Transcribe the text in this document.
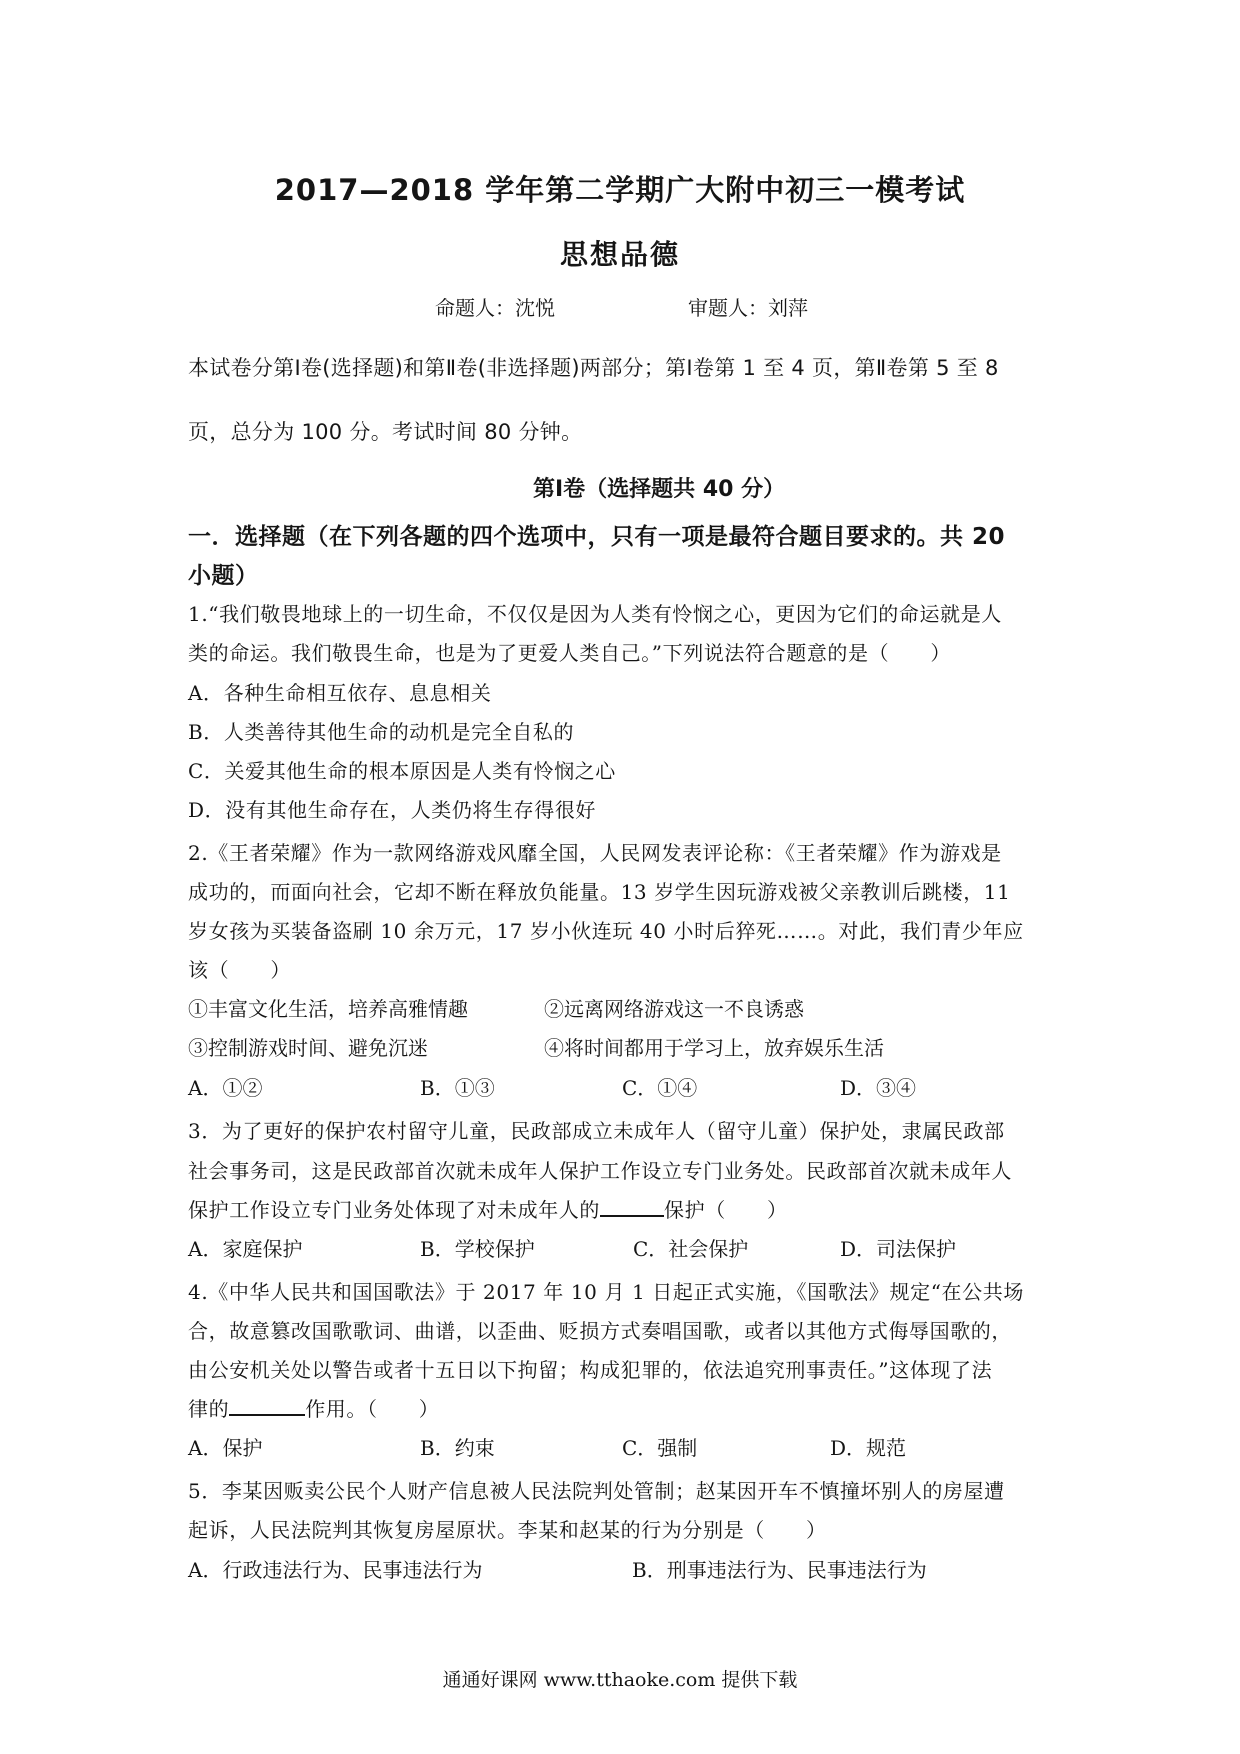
2017—2018 学年第二学期广大附中初三一模考试
思想品德
命题人：沈悦	审题人：刘萍
本试卷分第Ⅰ卷(选择题)和第Ⅱ卷(非选择题)两部分；第Ⅰ卷第 1 至 4 页，第Ⅱ卷第 5 至 8
页，总分为 100 分。考试时间 80 分钟。
第Ⅰ卷（选择题共 40 分）
一．选择题（在下列各题的四个选项中，只有一项是最符合题目要求的。共 20
小题）
1.“我们敬畏地球上的一切生命，不仅仅是因为人类有怜悯之心，更因为它们的命运就是人
类的命运。我们敬畏生命，也是为了更爱人类自己。”下列说法符合题意的是（　　）
A．各种生命相互依存、息息相关
B．人类善待其他生命的动机是完全自私的
C．关爱其他生命的根本原因是人类有怜悯之心
D．没有其他生命存在，人类仍将生存得很好
2.《王者荣耀》作为一款网络游戏风靡全国，人民网发表评论称：《王者荣耀》作为游戏是
成功的，而面向社会，它却不断在释放负能量。13 岁学生因玩游戏被父亲教训后跳楼，11
岁女孩为买装备盗刷 10 余万元，17 岁小伙连玩 40 小时后猝死……。对此，我们青少年应
该（　　）
①丰富文化生活，培养高雅情趣	②远离网络游戏这一不良诱惑
③控制游戏时间、避免沉迷	④将时间都用于学习上，放弃娱乐生活
A．①②	B．①③	C．①④	D．③④
3．为了更好的保护农村留守儿童，民政部成立未成年人（留守儿童）保护处，隶属民政部
社会事务司，这是民政部首次就未成年人保护工作设立专门业务处。民政部首次就未成年人
保护工作设立专门业务处体现了对未成年人的	保护（　　）
A．家庭保护	B．学校保护	C．社会保护	D．司法保护
4.《中华人民共和国国歌法》于 2017 年 10 月 1 日起正式实施，《国歌法》规定“在公共场
合，故意篡改国歌歌词、曲谱，以歪曲、贬损方式奏唱国歌，或者以其他方式侮辱国歌的，
由公安机关处以警告或者十五日以下拘留；构成犯罪的，依法追究刑事责任。”这体现了法
律的	作用。（　　）
A．保护	B．约束	C．强制	D．规范
5．李某因贩卖公民个人财产信息被人民法院判处管制；赵某因开车不慎撞坏别人的房屋遭
起诉，人民法院判其恢复房屋原状。李某和赵某的行为分别是（　　）
A．行政违法行为、民事违法行为	B．刑事违法行为、民事违法行为
通通好课网 www.tthaoke.com 提供下载
